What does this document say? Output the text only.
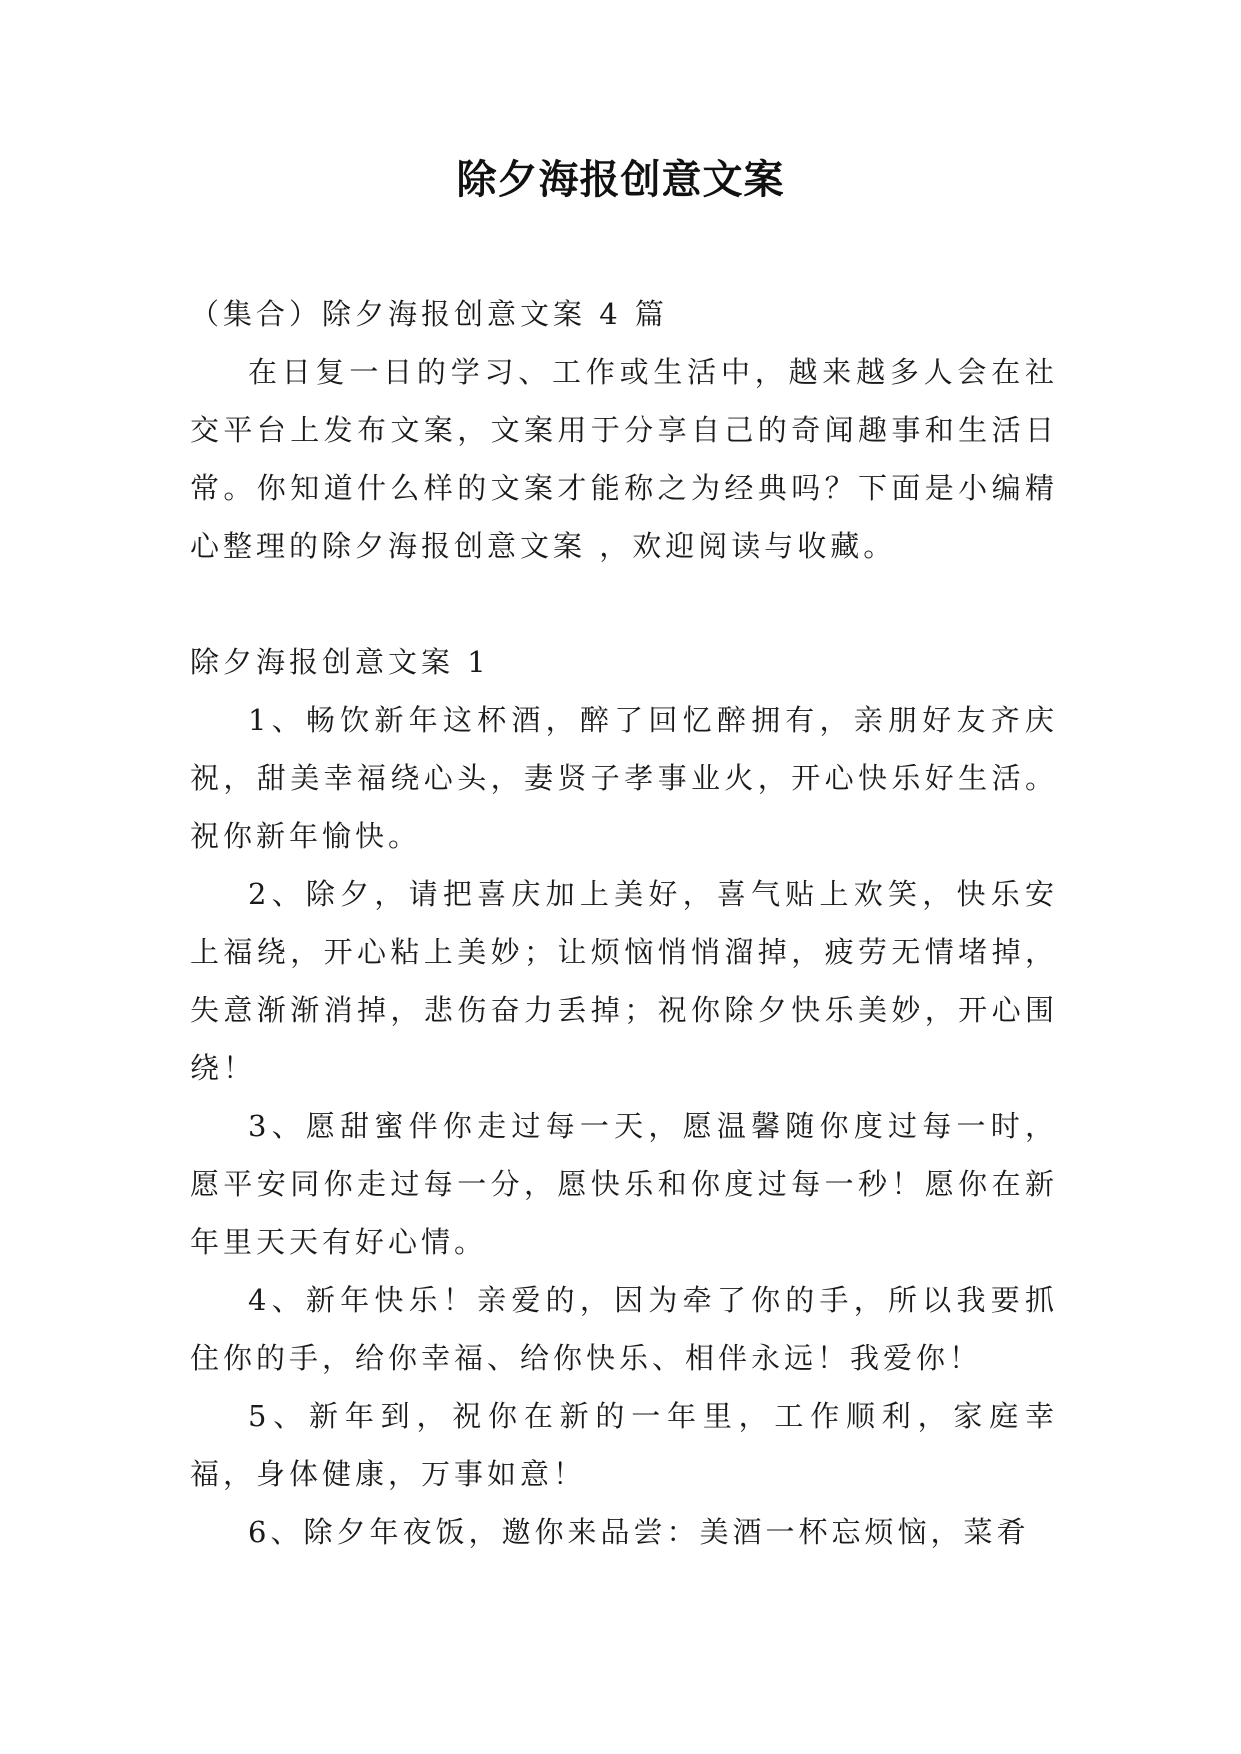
除夕海报创意文案

（集合）除夕海报创意文案 4 篇

在日复一日的学习、工作或生活中，越来越多人会在社交平台上发布文案，文案用于分享自己的奇闻趣事和生活日常。你知道什么样的文案才能称之为经典吗？下面是小编精心整理的除夕海报创意文案 ，欢迎阅读与收藏。

除夕海报创意文案 1

1、畅饮新年这杯酒，醉了回忆醉拥有，亲朋好友齐庆祝，甜美幸福绕心头，妻贤子孝事业火，开心快乐好生活。祝你新年愉快。

2、除夕，请把喜庆加上美好，喜气贴上欢笑，快乐安上福绕，开心粘上美妙；让烦恼悄悄溜掉，疲劳无情堵掉，失意渐渐消掉，悲伤奋力丢掉；祝你除夕快乐美妙，开心围绕！

3、愿甜蜜伴你走过每一天，愿温馨随你度过每一时，愿平安同你走过每一分，愿快乐和你度过每一秒！愿你在新年里天天有好心情。

4、新年快乐！亲爱的，因为牵了你的手，所以我要抓住你的手，给你幸福、给你快乐、相伴永远！我爱你！

5、新年到，祝你在新的一年里，工作顺利，家庭幸福，身体健康，万事如意！

6、除夕年夜饭，邀你来品尝：美酒一杯忘烦恼，菜肴
